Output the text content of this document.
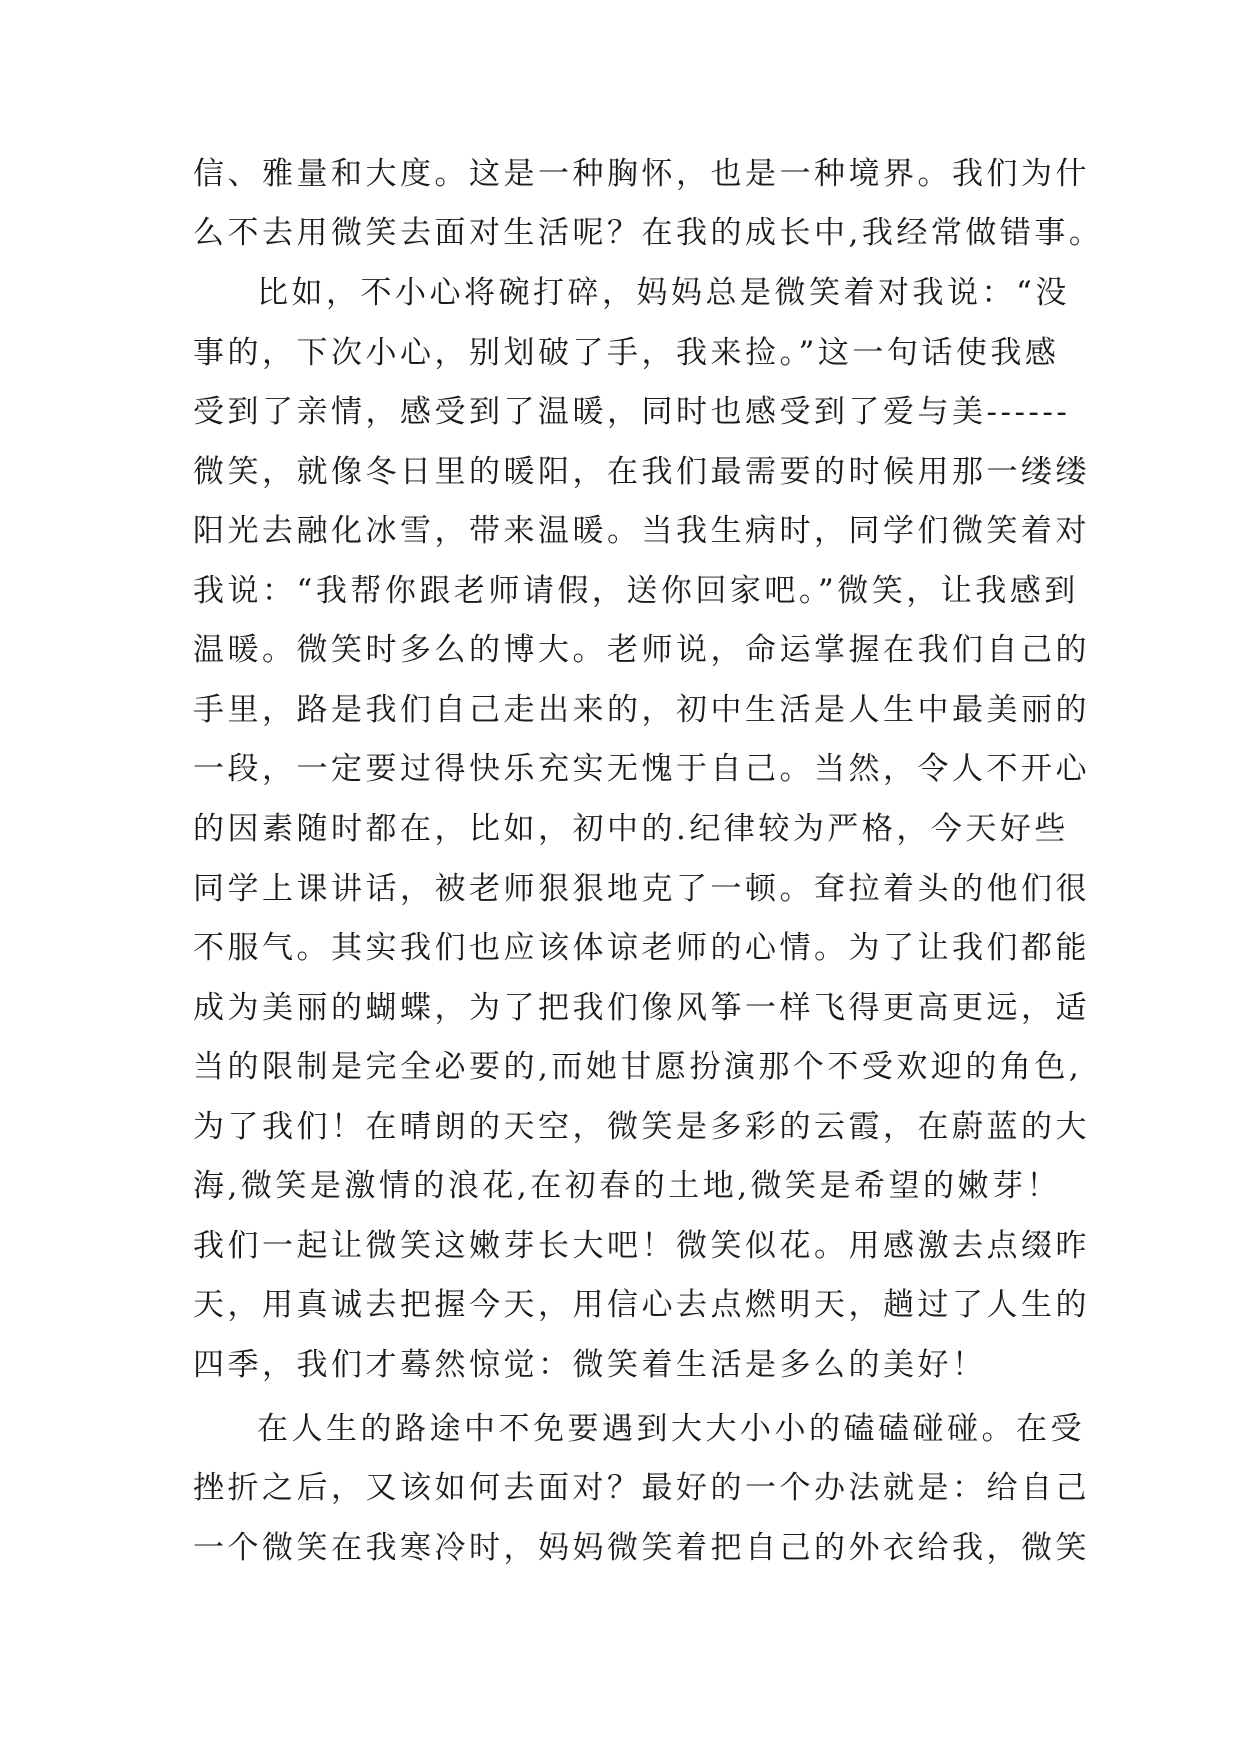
信、雅量和大度。这是一种胸怀，也是一种境界。我们为什
么不去用微笑去面对生活呢？在我的成长中,我经常做错事。
比如，不小心将碗打碎，妈妈总是微笑着对我说：“没
事的，下次小心，别划破了手，我来捡。”这一句话使我感
受到了亲情，感受到了温暖，同时也感受到了爱与美------
微笑，就像冬日里的暖阳，在我们最需要的时候用那一缕缕
阳光去融化冰雪，带来温暖。当我生病时，同学们微笑着对
我说：“我帮你跟老师请假，送你回家吧。”微笑，让我感到
温暖。微笑时多么的博大。老师说，命运掌握在我们自己的
手里，路是我们自己走出来的，初中生活是人生中最美丽的
一段，一定要过得快乐充实无愧于自己。当然，令人不开心
的因素随时都在，比如，初中的.纪律较为严格，今天好些
同学上课讲话，被老师狠狠地克了一顿。耷拉着头的他们很
不服气。其实我们也应该体谅老师的心情。为了让我们都能
成为美丽的蝴蝶，为了把我们像风筝一样飞得更高更远，适
当的限制是完全必要的,而她甘愿扮演那个不受欢迎的角色,
为了我们！在晴朗的天空，微笑是多彩的云霞，在蔚蓝的大
海,微笑是激情的浪花,在初春的土地,微笑是希望的嫩芽！
我们一起让微笑这嫩芽长大吧！微笑似花。用感激去点缀昨
天，用真诚去把握今天，用信心去点燃明天，趟过了人生的
四季，我们才蓦然惊觉：微笑着生活是多么的美好！
在人生的路途中不免要遇到大大小小的磕磕碰碰。在受
挫折之后，又该如何去面对？最好的一个办法就是：给自己
一个微笑在我寒冷时，妈妈微笑着把自己的外衣给我，微笑
